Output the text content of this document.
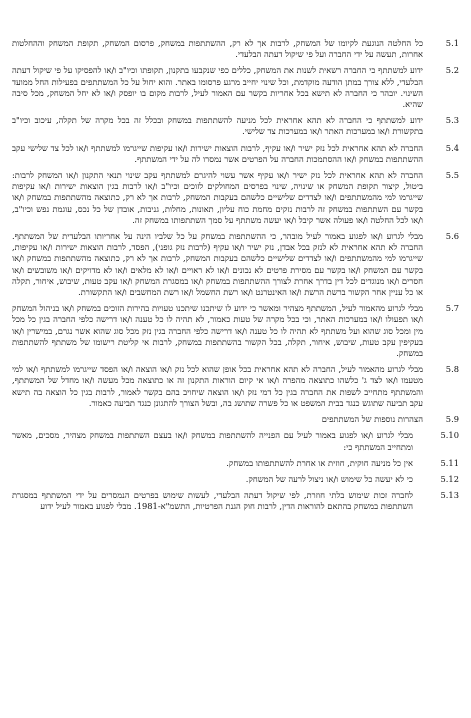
5.1
כל החלטה הנוגעת לקיומו של המשחק, לרבות אך לא רק, ההשתתפות במשחק, פרסום המשחק, תקופת המשחק וההחלטות אחרות, תעשה על ידי החברה ועל פי שיקול דעתה הבלעדי.
5.2
ידוע למשתתף כי החברה רשאית לשנות את המשחק, כללים כפי שנקבעו בתקנון, תקופתו וכיו"ב ו/או להפסיקו על פי שיקול דעתה הבלעדי, ללא צורך במתן הודעה מוקדמת, וכל שינוי יחייב מרגע פרסומו באתר. והוא יחול על כל המשתתפים בפעילות החל ממועד השינוי. יובהר כי החברה לא תישא בכל אחריות בקשר עם האמור לעיל, לרבות מקום בו יופסק ו/או לא יחל המשחק, מכל סיבה שהיא.
5.3
ידוע למשתתף כי החברה לא תהא אחראית לכל מניעה להשתתפות במשחק ובכלל זה בכל מקרה של תקלה, עיכוב וכיו"ב בתקשורת ו/או במערכות האתר ו/או במערכות צד שלישי.
5.4
החברה לא תהא אחראית לכל נזק ישיר ו/או עקיף, לרבות הוצאות ישירות ו/או עקיפות שייגרמו למשתתף ו/או לכל צד שלישי עקב ההשתתפות במשחק ו/או ההסתמכות החברה על הפרטים אשר נמסרו לה על ידי המשתתף.
5.5
החברה לא תהא אחראית לכל נזק ישיר ו/או עקיף אשר עשוי להיגרם למשתתף עקב שינוי תנאי התקנון ו/או המשחק לרבות: ביטול, קיצור תקופת המשחק או שינויה, שינוי בפרסים המחולקים לזוכים וכיו"ב ו/או לרבות בגין הוצאות ישירות ו/או עקיפות שייגרמו למי מהמשתתפים ו/או לצדדים שלישיים כלשהם בעקבות המשחק, לרבות אך לא רק, כתוצאה מהשתתפות במשחק ו/או בקשר עם השתתפות במשחק זה לרבות נזקים מחמת כוח עליון, תאונות, מחלות, גניבות, אובדן של כל נכס, עוגמת נפש וכיו"ב, ו/או לכל החלטה ו/או פעולה אשר קיבל ו/או יעשה משתתף על סמך השתתפותו במשחק זה.
5.6
מבלי לגרוע ו/או לפגוע באמור לעיל מובהר, כי ההשתתפות במשחק על כל שלביו הינה על אחריותו הבלעדית של המשתתף. החברה לא תהא אחראית לא לנזק בכל אבדן, נזק ישיר ו/או עקיף (לרבות נזק גופני), הפסד, לרבות הוצאות ישירות ו/או עקיפות, שייגרמו למי מהמשתתפים ו/או לצדדים שלישיים כלשהם בעקבות המשחק, לרבות אך לא רק, כתוצאה מהשתתפות במשחק ו/או בקשר עם המשחק ו/או בקשר עם מסירת פרטים לא נכונים ו/או לא ראויים ו/או לא מלאים ו/או לא מדויקים ו/או משובשים ו/או חסרים ו/או מנוגדים לכל דין בדרך אחרת לצורך ההשתתפות במשחק ו/או במסגרת המשחק ו/או עקב טעות, שיבוש, איחור, תקלה או כל עניין אחר הקשור ברשת הרשת ו/או האינטרנט ו/או רשת החשמל ו/או רשת המחשבים ו/או התקשורת.
5.7
מבלי לגרוע מהאמור לעיל, המשתתף מצהיר ומאשר כי ידוע לו שיתכנו שיתכנו טעויות בהירות הזוכים במשחק ו/או בניהול המשחק ו/או תפעולו ו/או במערכות האתר, וכי בכל מקרה של טעות כאמור, לא תהיה לו כל טענה ו/או דרישה כלפי החברה בגין כל מכל מין ומכל סוג שהוא ועל משתתף לא תהיה לו כל טענה ו/או דרישה כלפי החברה בגין נזק מכל סוג שהוא אשר נגרם, במישרין ו/או בעקיפין עקב טעות, שיבוש, איחור, תקלה, בכל הקשור בהשתתפות במשחק, לרבות אי קליטת רישומו של משתתף להשתתפות במשחק.
5.8
מבלי לגרוע מהאמור לעיל, החברה לא תהא אחראית בכל אופן שהוא לכל נזק ו/או הוצאה ו/או הפסד שייגרמו למשתתף ו/או למי מטעמו ו/או לצד ג' כלשהו כתוצאה מהפרה ו/או אי קיום הוראות התקנון זה או כתוצאה מכל מעשה ו/או מחדל של המשתתף, והמשתתף מתחייב לשפות את החברה בגין כל דמי נזק ו/או הוצאה שיחויב בהם בקשר לאמור, לרבות בגין כל הוצאה בה תישא עקב תביעה שתוגש כנגד בבית המשפט או כל פשרה שתושג בה, ובשל הצורך להתגונן כנגד תביעה כאמור.
5.9
הצהרות נוספות של המשתתפים
5.10
מבלי לגרוע ו/או לפגוע באמור לעיל עם הפנייה להשתתפות במשחק ו/או בעצם השתתפות במשחק מצהיר, מסכים, מאשר ומתחייב המשתתף כי:
5.11
אין כל מניעה חוקית, חוזית או אחרת להשתתפותו במשחק.
5.12
כי לא יעשה כל שימוש ו/או ניצול לרעה של המשחק.
5.13
לחברה זכות שימוש בלתי חוזרת, לפי שיקול דעתה הבלעדי, לעשות שימוש בפרטים הנמסרים על ידי המשתתף במסגרת השתתפות במשחק בהתאם להוראות הדין, לרבות חוק הגנת הפרטיות, התשמ"א-1981. מבלי לפגוע באמור לעיל ידוע
